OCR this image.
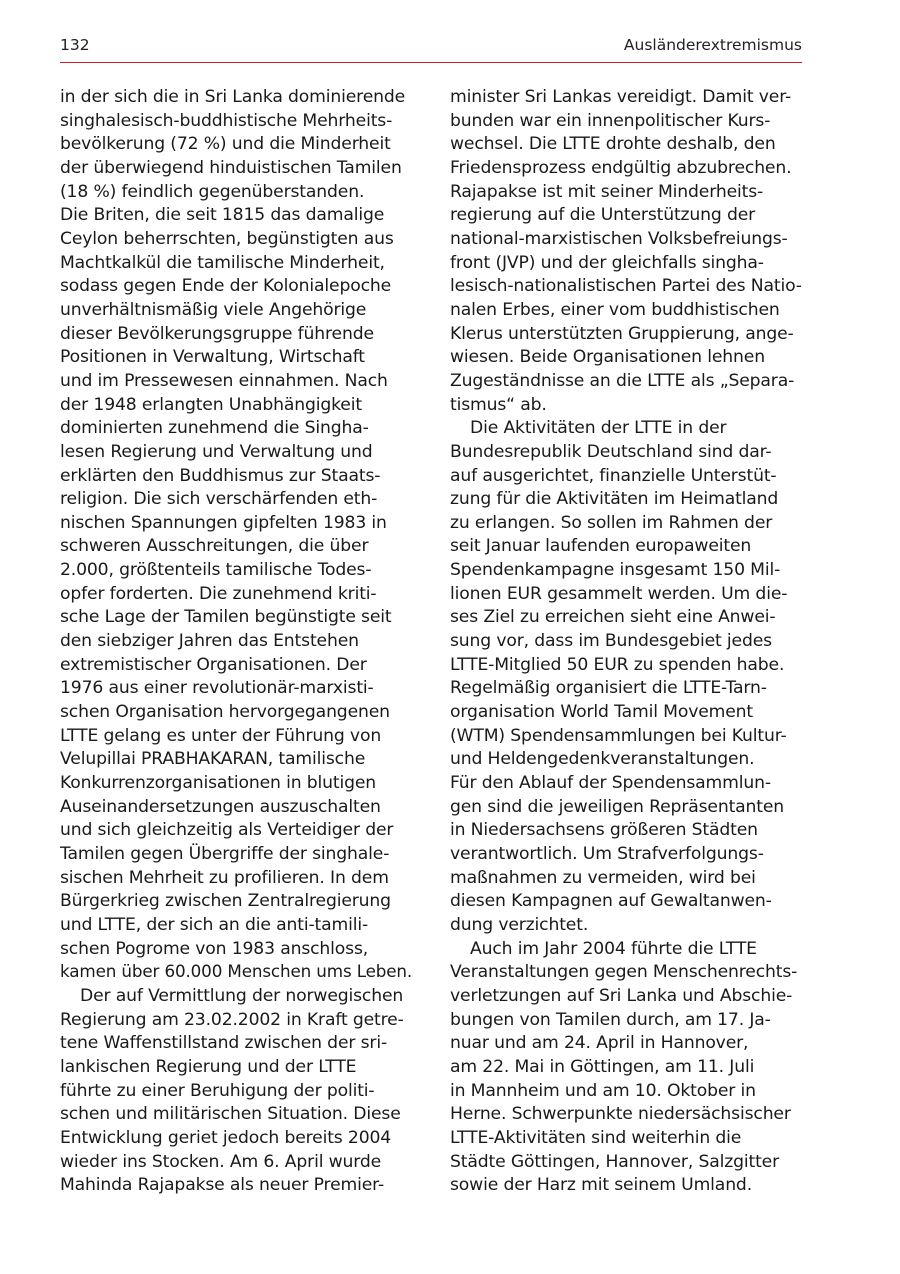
132	Ausländerextremismus
in der sich die in Sri Lanka dominierende
singhalesisch-buddhistische Mehrheits-
bevölkerung (72 %) und die Minderheit
der überwiegend hinduistischen Tamilen
(18 %) feindlich gegenüberstanden.
Die Briten, die seit 1815 das damalige
Ceylon beherrschten, begünstigten aus
Machtkalkül die tamilische Minderheit,
sodass gegen Ende der Kolonialepoche
unverhältnismäßig viele Angehörige
dieser Bevölkerungsgruppe führende
Positionen in Verwaltung, Wirtschaft
und im Pressewesen einnahmen. Nach
der 1948 erlangten Unabhängigkeit
dominierten zunehmend die Singha-
lesen Regierung und Verwaltung und
erklärten den Buddhismus zur Staats-
religion. Die sich verschärfenden eth-
nischen Spannungen gipfelten 1983 in
schweren Ausschreitungen, die über
2.000, größtenteils tamilische Todes-
opfer forderten. Die zunehmend kriti-
sche Lage der Tamilen begünstigte seit
den siebziger Jahren das Entstehen
extremistischer Organisationen. Der
1976 aus einer revolutionär-marxisti-
schen Organisation hervorgegangenen
LTTE gelang es unter der Führung von
Velupillai PRABHAKARAN, tamilische
Konkurrenzorganisationen in blutigen
Auseinandersetzungen auszuschalten
und sich gleichzeitig als Verteidiger der
Tamilen gegen Übergriffe der singhale-
sischen Mehrheit zu profilieren. In dem
Bürgerkrieg zwischen Zentralregierung
und LTTE, der sich an die anti-tamili-
schen Pogrome von 1983 anschloss,
kamen über 60.000 Menschen ums Leben.
Der auf Vermittlung der norwegischen
Regierung am 23.02.2002 in Kraft getre-
tene Waffenstillstand zwischen der sri-
lankischen Regierung und der LTTE
führte zu einer Beruhigung der politi-
schen und militärischen Situation. Diese
Entwicklung geriet jedoch bereits 2004
wieder ins Stocken. Am 6. April wurde
Mahinda Rajapakse als neuer Premier-
minister Sri Lankas vereidigt. Damit ver-
bunden war ein innenpolitischer Kurs-
wechsel. Die LTTE drohte deshalb, den
Friedensprozess endgültig abzubrechen.
Rajapakse ist mit seiner Minderheits-
regierung auf die Unterstützung der
national-marxistischen Volksbefreiungs-
front (JVP) und der gleichfalls singha-
lesisch-nationalistischen Partei des Natio-
nalen Erbes, einer vom buddhistischen
Klerus unterstützten Gruppierung, ange-
wiesen. Beide Organisationen lehnen
Zugeständnisse an die LTTE als „Separa-
tismus“ ab.
Die Aktivitäten der LTTE in der
Bundesrepublik Deutschland sind dar-
auf ausgerichtet, finanzielle Unterstüt-
zung für die Aktivitäten im Heimatland
zu erlangen. So sollen im Rahmen der
seit Januar laufenden europaweiten
Spendenkampagne insgesamt 150 Mil-
lionen EUR gesammelt werden. Um die-
ses Ziel zu erreichen sieht eine Anwei-
sung vor, dass im Bundesgebiet jedes
LTTE-Mitglied 50 EUR zu spenden habe.
Regelmäßig organisiert die LTTE-Tarn-
organisation World Tamil Movement
(WTM) Spendensammlungen bei Kultur-
und Heldengedenkveranstaltungen.
Für den Ablauf der Spendensammlun-
gen sind die jeweiligen Repräsentanten
in Niedersachsens größeren Städten
verantwortlich. Um Strafverfolgungs-
maßnahmen zu vermeiden, wird bei
diesen Kampagnen auf Gewaltanwen-
dung verzichtet.
Auch im Jahr 2004 führte die LTTE
Veranstaltungen gegen Menschenrechts-
verletzungen auf Sri Lanka und Abschie-
bungen von Tamilen durch, am 17. Ja-
nuar und am 24. April in Hannover,
am 22. Mai in Göttingen, am 11. Juli
in Mannheim und am 10. Oktober in
Herne. Schwerpunkte niedersächsischer
LTTE-Aktivitäten sind weiterhin die
Städte Göttingen, Hannover, Salzgitter
sowie der Harz mit seinem Umland.
